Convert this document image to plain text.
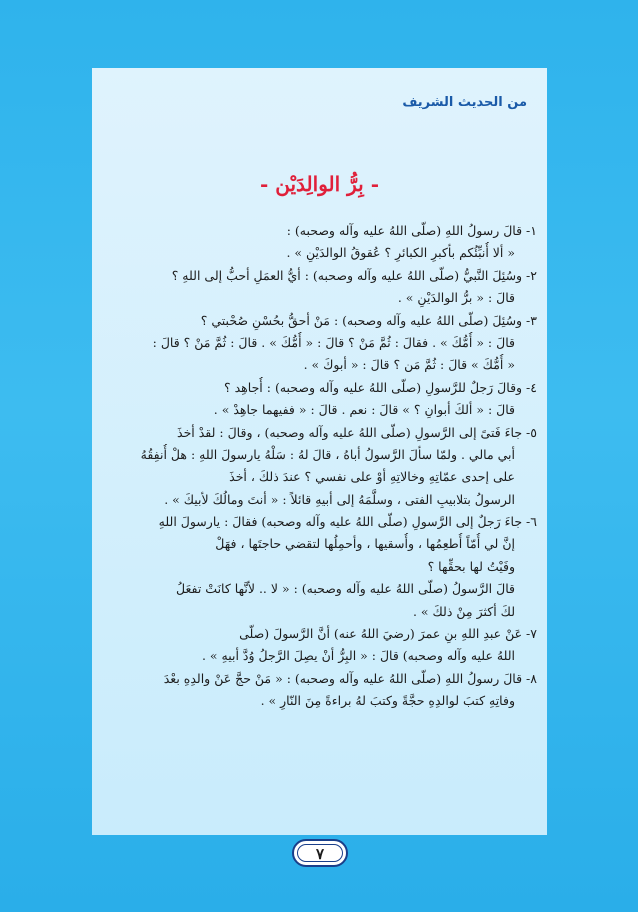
من الحديث الشريف
- بِرُّ الوالِدَيْن -
١- قالَ رسولُ اللهِ (صلّى اللهُ عليه وآله وصحبه) :
« ألا أُنبِّئُكم بأكبرِ الكبائرِ ؟ عُقوقُ الوالدَيْنِ » .
٢- وسُئِلَ النَّبيُّ (صلّى اللهُ عليه وآله وصحبه) : أيُّ العمَلِ أحبُّ إلى اللهِ ؟
قالَ : « برُّ الوالدَيْنِ » .
٣- وسُئِلَ (صلّى اللهُ عليه وآله وصحبه) : مَنْ أحقُّ بحُسْنِ صُحْبتي ؟
قالَ : « أُمُّكَ » . فقالَ : ثُمَّ مَنْ ؟ قالَ : « أُمُّكَ » . قالَ : ثُمَّ مَنْ ؟ قالَ :
« أُمُّكَ » قالَ : ثُمَّ مَن ؟ قالَ : « أبوكَ » .
٤- وقالَ رَجلٌ للرَّسولِ (صلّى اللهُ عليه وآله وصحبه) : أُجاهِد ؟
قالَ : « ألكَ أبوانِ ؟ » قالَ : نعم . قالَ : « ففيهما جاهِدْ » .
٥- جاءَ فَتىً إلى الرَّسولِ (صلّى اللهُ عليه وآله وصحبه) ، وقالَ : لقدْ أخذَ
أبي مالي . ولمّا سألَ الرَّسولُ أباهُ ، قالَ لهُ : سَلْهُ يارسولَ اللهِ : هلْ أُنفِقُهُ
على إحدى عمّاتِهِ وخالاتِهِ أوْ على نفسي ؟ عندَ ذلكَ ، أخذَ
الرسولُ بتلابيبِ الفتى ، وسلَّمَهُ إلى أبيهِ قائلاً : « أنتَ ومالُكَ لأبيكَ » .
٦- جاءَ رَجلٌ إلى الرَّسولِ (صلّى اللهُ عليه وآله وصحبه) فقالَ : يارسولَ اللهِ
إنَّ لي أُمّاً أُطعِمُها ، وأُسقيها ، وأحمِلُها لتقضي حاجتَها ، فهَلْ
وفَيْتُ لها بحقِّها ؟
قالَ الرَّسولُ (صلّى اللهُ عليه وآله وصحبه) : « لا .. لأنَّها كانَتْ تفعَلُ
لكَ أكثرَ مِنْ ذلكَ » .
٧- عَنْ عبدِ اللهِ بنِ عمرَ (رضيَ اللهُ عنه) أنَّ الرَّسولَ (صلّى
اللهُ عليه وآله وصحبه) قالَ : « البِرُّ أنْ يصِلَ الرَّجلُ وُدَّ أبيهِ » .
٨- قالَ رسولُ اللهِ (صلّى اللهُ عليه وآله وصحبه) : « مَنْ حجَّ عَنْ والدِهِ بعْدَ
وفاتِهِ كتبَ لوالدِهِ حجَّةً وكتبَ لهُ براءةً مِنَ النّارِ » .
٧
